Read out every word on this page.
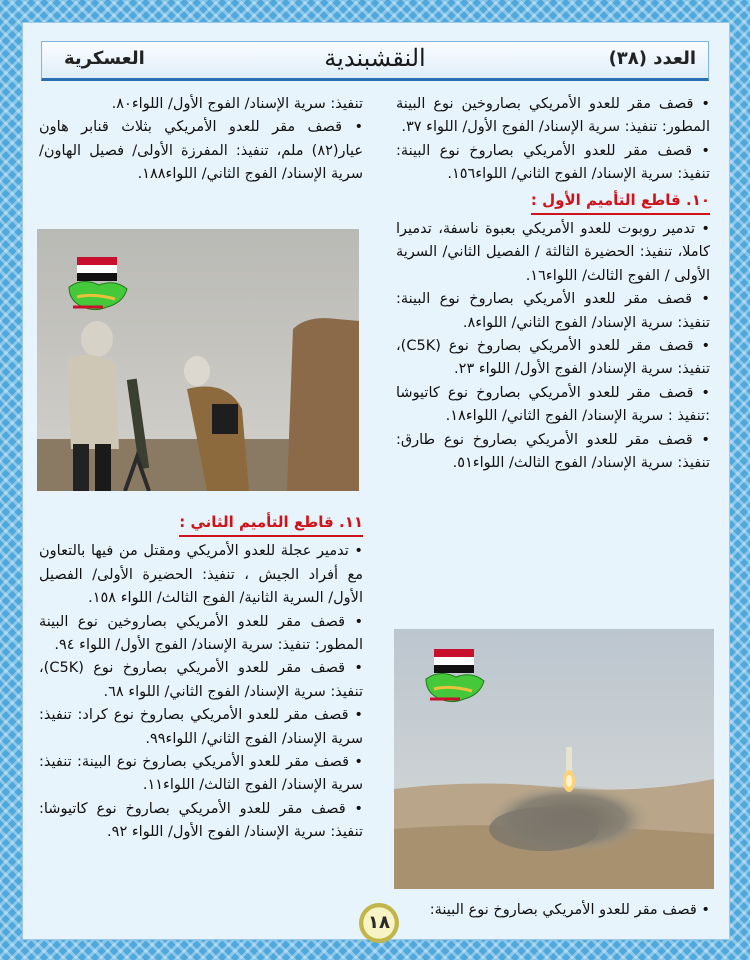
العدد (٣٨)
النقشبندية
العسكرية

• قصف مقر للعدو الأمريكي بصاروخين نوع البينة المطور: تنفيذ: سرية الإسناد/ الفوج الأول/ اللواء ٣٧.

• قصف مقر للعدو الأمريكي بصاروخ نوع البينة: تنفيذ: سرية الإسناد/ الفوج الثاني/ اللواء١٥٦.

١٠. قاطع التأميم الأول :

• تدمير روبوت للعدو الأمريكي بعبوة ناسفة، تدميرا كاملا، تنفيذ: الحضيرة الثالثة / الفصيل الثاني/ السرية الأولى / الفوج الثالث/ اللواء١٦.

• قصف مقر للعدو الأمريكي بصاروخ نوع البينة: تنفيذ: سرية الإسناد/ الفوج الثاني/ اللواء٨.

• قصف مقر للعدو الأمريكي بصاروخ نوع (C5K)، تنفيذ: سرية الإسناد/ الفوج الأول/ اللواء ٢٣.

• قصف مقر للعدو الأمريكي بصاروخ نوع كاتيوشا :تنفيذ : سرية الإسناد/ الفوج الثاني/ اللواء١٨.

• قصف مقر للعدو الأمريكي بصاروخ نوع طارق: تنفيذ: سرية الإسناد/ الفوج الثالث/ اللواء٥١.

• قصف مقر للعدو الأمريكي بصاروخ نوع البينة:

تنفيذ: سرية الإسناد/ الفوج الأول/ اللواء٨٠.

• قصف مقر للعدو الأمريكي بثلاث قنابر هاون عيار(٨٢) ملم، تنفيذ: المفرزة الأولى/ فصيل الهاون/ سرية الإسناد/ الفوج الثاني/ اللواء١٨٨.

١١. قاطع التأميم الثاني :

• تدمير عجلة للعدو الأمريكي ومقتل من فيها بالتعاون مع أفراد الجيش ، تنفيذ: الحضيرة الأولى/ الفصيل الأول/ السرية الثانية/ الفوج الثالث/ اللواء ١٥٨.

• قصف مقر للعدو الأمريكي بصاروخين نوع البينة المطور: تنفيذ: سرية الإسناد/ الفوج الأول/ اللواء ٩٤.

• قصف مقر للعدو الأمريكي بصاروخ نوع (C5K)، تنفيذ: سرية الإسناد/ الفوج الثاني/ اللواء ٦٨.

• قصف مقر للعدو الأمريكي بصاروخ نوع كراد: تنفيذ: سرية الإسناد/ الفوج الثاني/ اللواء٩٩.

• قصف مقر للعدو الأمريكي بصاروخ نوع البينة: تنفيذ: سرية الإسناد/ الفوج الثالث/ اللواء١١.

• قصف مقر للعدو الأمريكي بصاروخ نوع كاتيوشا: تنفيذ: سرية الإسناد/ الفوج الأول/ اللواء ٩٢.

١٨
